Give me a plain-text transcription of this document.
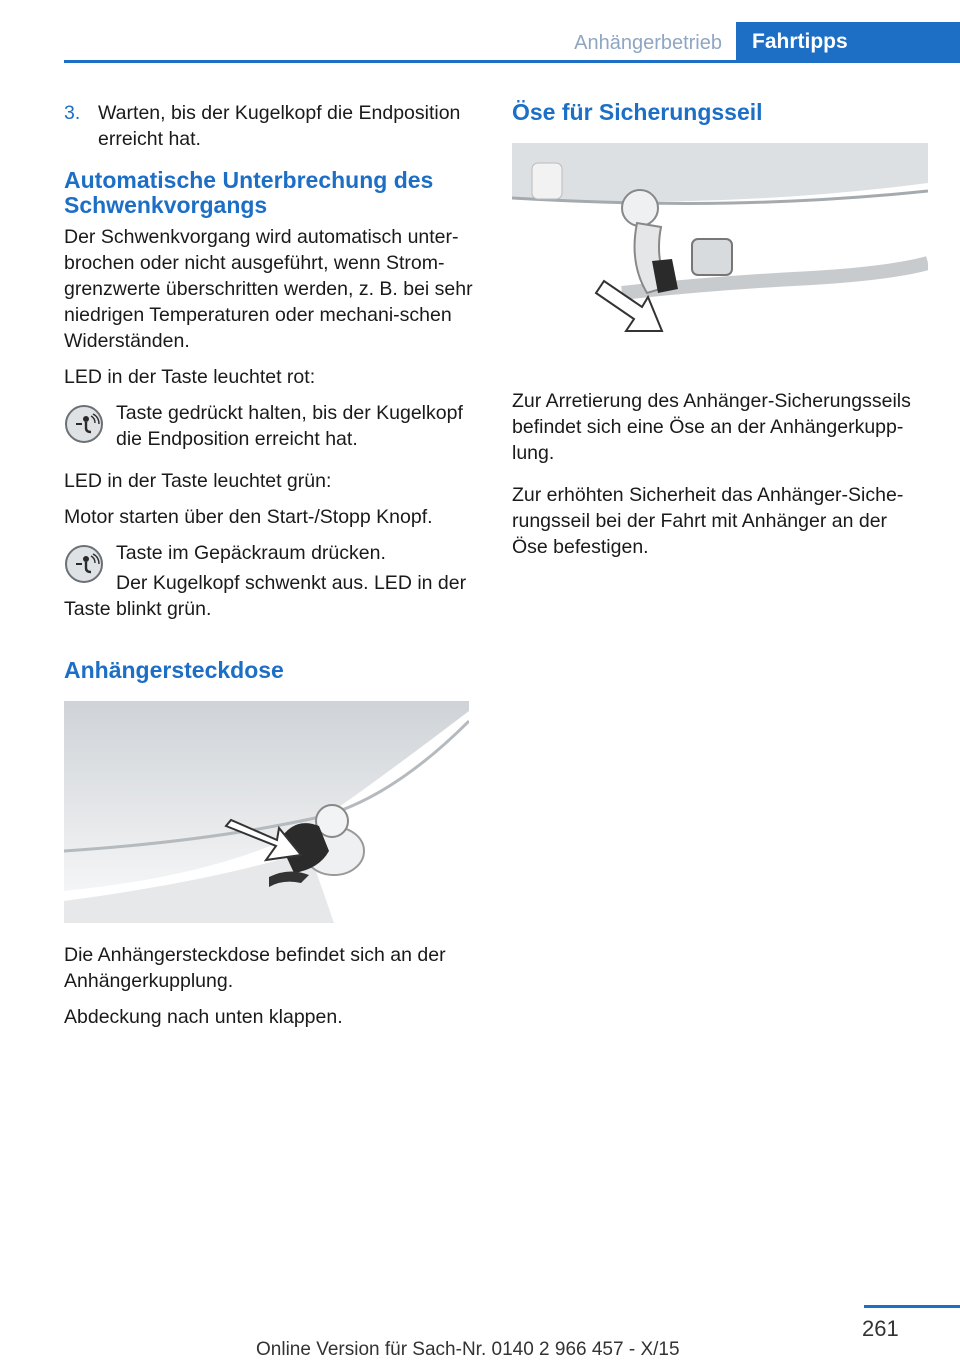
Anhängerbetrieb	Fahrtipps
3. Warten, bis der Kugelkopf die Endposition erreicht hat.
Automatische Unterbrechung des Schwenkvorgangs

Der Schwenkvorgang wird automatisch unter‐brochen oder nicht ausgeführt, wenn Strom‐grenzwerte überschritten werden, z. B. bei sehr niedrigen Temperaturen oder mechani‐schen Widerständen.

LED in der Taste leuchtet rot:

Taste gedrückt halten, bis der Kugelkopf die Endposition erreicht hat.

LED in der Taste leuchtet grün:

Motor starten über den Start-/Stopp Knopf.

Taste im Gepäckraum drücken.

Der Kugelkopf schwenkt aus. LED in der Taste blinkt grün.

Anhängersteckdose

Die Anhängersteckdose befindet sich an der Anhängerkupplung.

Abdeckung nach unten klappen.

Öse für Sicherungsseil

Zur Arretierung des Anhänger-Sicherungsseils befindet sich eine Öse an der Anhängerkupp‐lung.

Zur erhöhten Sicherheit das Anhänger-Siche‐rungsseil bei der Fahrt mit Anhänger an der Öse befestigen.

261
Online Version für Sach-Nr. 0140 2 966 457 - X/15
